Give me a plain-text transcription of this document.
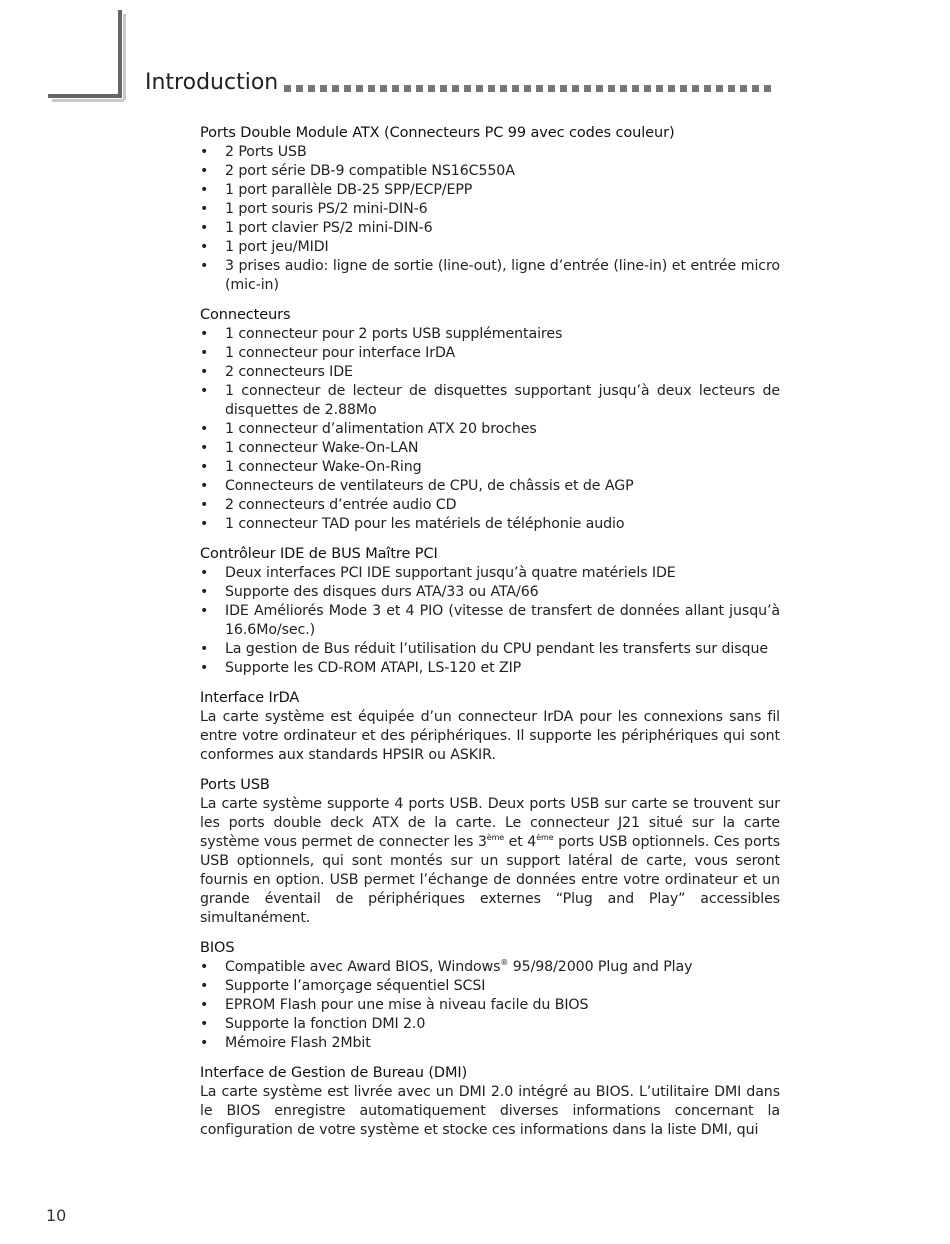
Introduction

Ports Double Module ATX (Connecteurs PC 99 avec codes couleur)

• 2 Ports USB
• 2 port série DB-9 compatible NS16C550A
• 1 port parallèle DB-25 SPP/ECP/EPP
• 1 port souris PS/2 mini-DIN-6
• 1 port clavier PS/2 mini-DIN-6
• 1 port jeu/MIDI
• 3 prises audio: ligne de sortie (line-out), ligne d’entrée (line-in) et entrée micro (mic-in)

Connecteurs

• 1 connecteur pour 2 ports USB supplémentaires
• 1 connecteur pour interface IrDA
• 2 connecteurs IDE
• 1 connecteur de lecteur de disquettes supportant jusqu’à deux lecteurs de disquettes de 2.88Mo
• 1 connecteur d’alimentation ATX 20 broches
• 1 connecteur Wake-On-LAN
• 1 connecteur Wake-On-Ring
• Connecteurs de ventilateurs de CPU, de châssis et de AGP
• 2 connecteurs d’entrée audio CD
• 1 connecteur TAD pour les matériels de téléphonie audio

Contrôleur IDE de BUS Maître PCI

• Deux interfaces PCI IDE supportant jusqu’à quatre matériels IDE
• Supporte des disques durs ATA/33 ou ATA/66
• IDE Améliorés Mode 3 et 4 PIO (vitesse de transfert de données allant jusqu’à 16.6Mo/sec.)
• La gestion de Bus réduit l’utilisation du CPU pendant les transferts sur disque
• Supporte les CD-ROM ATAPI, LS-120 et ZIP

Interface IrDA

La carte système est équipée d’un connecteur IrDA pour les connexions sans fil entre votre ordinateur et des périphériques. Il supporte les périphériques qui sont conformes aux standards HPSIR ou ASKIR.

Ports USB

La carte système supporte 4 ports USB. Deux ports USB sur carte se trouvent sur les ports double deck ATX de la carte. Le connecteur J21 situé sur la carte système vous permet de connecter les 3ème et 4ème ports USB optionnels. Ces ports USB optionnels, qui sont montés sur un support latéral de carte, vous seront fournis en option. USB permet l’échange de données entre votre ordinateur et un grande éventail de périphériques externes “Plug and Play” accessibles simultanément.

BIOS

• Compatible avec Award BIOS, Windows® 95/98/2000 Plug and Play
• Supporte l’amorçage séquentiel SCSI
• EPROM Flash pour une mise à niveau facile du BIOS
• Supporte la fonction DMI 2.0
• Mémoire Flash 2Mbit

Interface de Gestion de Bureau (DMI)

La carte système est livrée avec un DMI 2.0 intégré au BIOS. L’utilitaire DMI dans le BIOS enregistre automatiquement diverses informations concernant la configuration de votre système et stocke ces informations dans la liste DMI, qui

10
